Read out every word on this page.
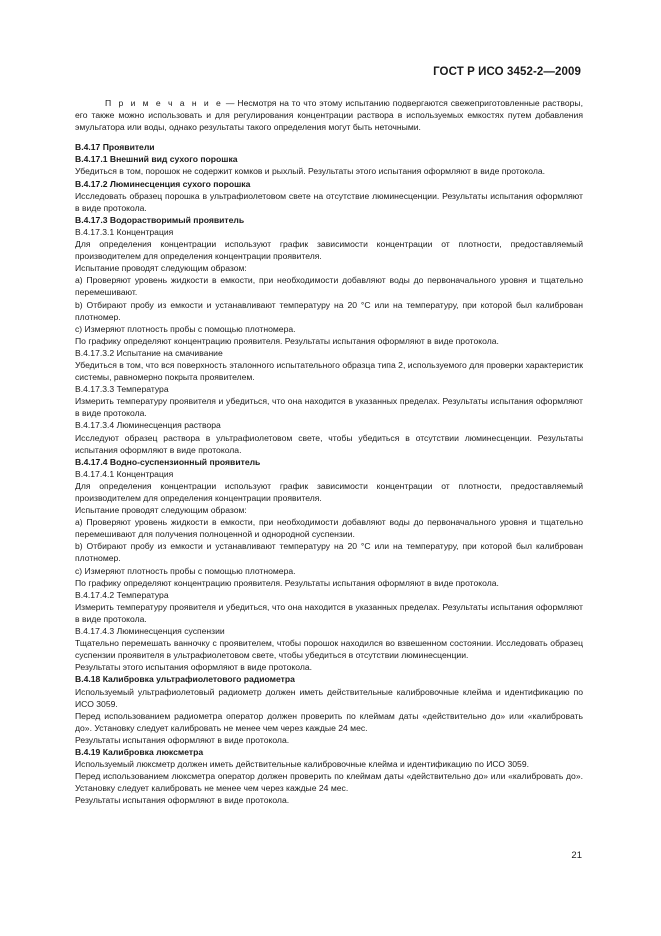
ГОСТ Р ИСО 3452-2—2009

П р и м е ч а н и е — Несмотря на то что этому испытанию подвергаются свежеприготовленные растворы, его также можно использовать и для регулирования концентрации раствора в используемых емкостях путем добавления эмульгатора или воды, однако результаты такого определения могут быть неточными.

В.4.17 Проявители

В.4.17.1 Внешний вид сухого порошка

Убедиться в том, порошок не содержит комков и рыхлый. Результаты этого испытания оформляют в виде протокола.

В.4.17.2 Люминесценция сухого порошка

Исследовать образец порошка в ультрафиолетовом свете на отсутствие люминесценции. Результаты испытания оформляют в виде протокола.

В.4.17.3 Водорастворимый проявитель

В.4.17.3.1 Концентрация

Для определения концентрации используют график зависимости концентрации от плотности, предоставляемый производителем для определения концентрации проявителя.

Испытание проводят следующим образом:

а) Проверяют уровень жидкости в емкости, при необходимости добавляют воды до первоначального уровня и тщательно перемешивают.

b) Отбирают пробу из емкости и устанавливают температуру на 20 °С или на температуру, при которой был калиброван плотномер.

с) Измеряют плотность пробы с помощью плотномера.

По графику определяют концентрацию проявителя. Результаты испытания оформляют в виде протокола.

В.4.17.3.2 Испытание на смачивание

Убедиться в том, что вся поверхность эталонного испытательного образца типа 2, используемого для проверки характеристик системы, равномерно покрыта проявителем.

В.4.17.3.3 Температура

Измерить температуру проявителя и убедиться, что она находится в указанных пределах. Результаты испытания оформляют в виде протокола.

В.4.17.3.4 Люминесценция раствора

Исследуют образец раствора в ультрафиолетовом свете, чтобы убедиться в отсутствии люминесценции. Результаты испытания оформляют в виде протокола.

В.4.17.4 Водно-суспензионный проявитель

В.4.17.4.1 Концентрация

Для определения концентрации используют график зависимости концентрации от плотности, предоставляемый производителем для определения концентрации проявителя.

Испытание проводят следующим образом:

а) Проверяют уровень жидкости в емкости, при необходимости добавляют воды до первоначального уровня и тщательно перемешивают для получения полноценной и однородной суспензии.

b) Отбирают пробу из емкости и устанавливают температуру на 20 °С или на температуру, при которой был калиброван плотномер.

с) Измеряют плотность пробы с помощью плотномера.

По графику определяют концентрацию проявителя. Результаты испытания оформляют в виде протокола.

В.4.17.4.2 Температура

Измерить температуру проявителя и убедиться, что она находится в указанных пределах. Результаты испытания оформляют в виде протокола.

В.4.17.4.3 Люминесценция суспензии

Тщательно перемешать ванночку с проявителем, чтобы порошок находился во взвешенном состоянии. Исследовать образец суспензии проявителя в ультрафиолетовом свете, чтобы убедиться в отсутствии люминесценции.

Результаты этого испытания оформляют в виде протокола.

В.4.18 Калибровка ультрафиолетового радиометра

Используемый ультрафиолетовый радиометр должен иметь действительные калибровочные клейма и идентификацию по ИСО 3059.

Перед использованием радиометра оператор должен проверить по клеймам даты «действительно до» или «калибровать до». Установку следует калибровать не менее чем через каждые 24 мес.

Результаты испытания оформляют в виде протокола.

В.4.19 Калибровка люксметра

Используемый люксметр должен иметь действительные калибровочные клейма и идентификацию по ИСО 3059.

Перед использованием люксметра оператор должен проверить по клеймам даты «действительно до» или «калибровать до». Установку следует калибровать не менее чем через каждые 24 мес.

Результаты испытания оформляют в виде протокола.

21
